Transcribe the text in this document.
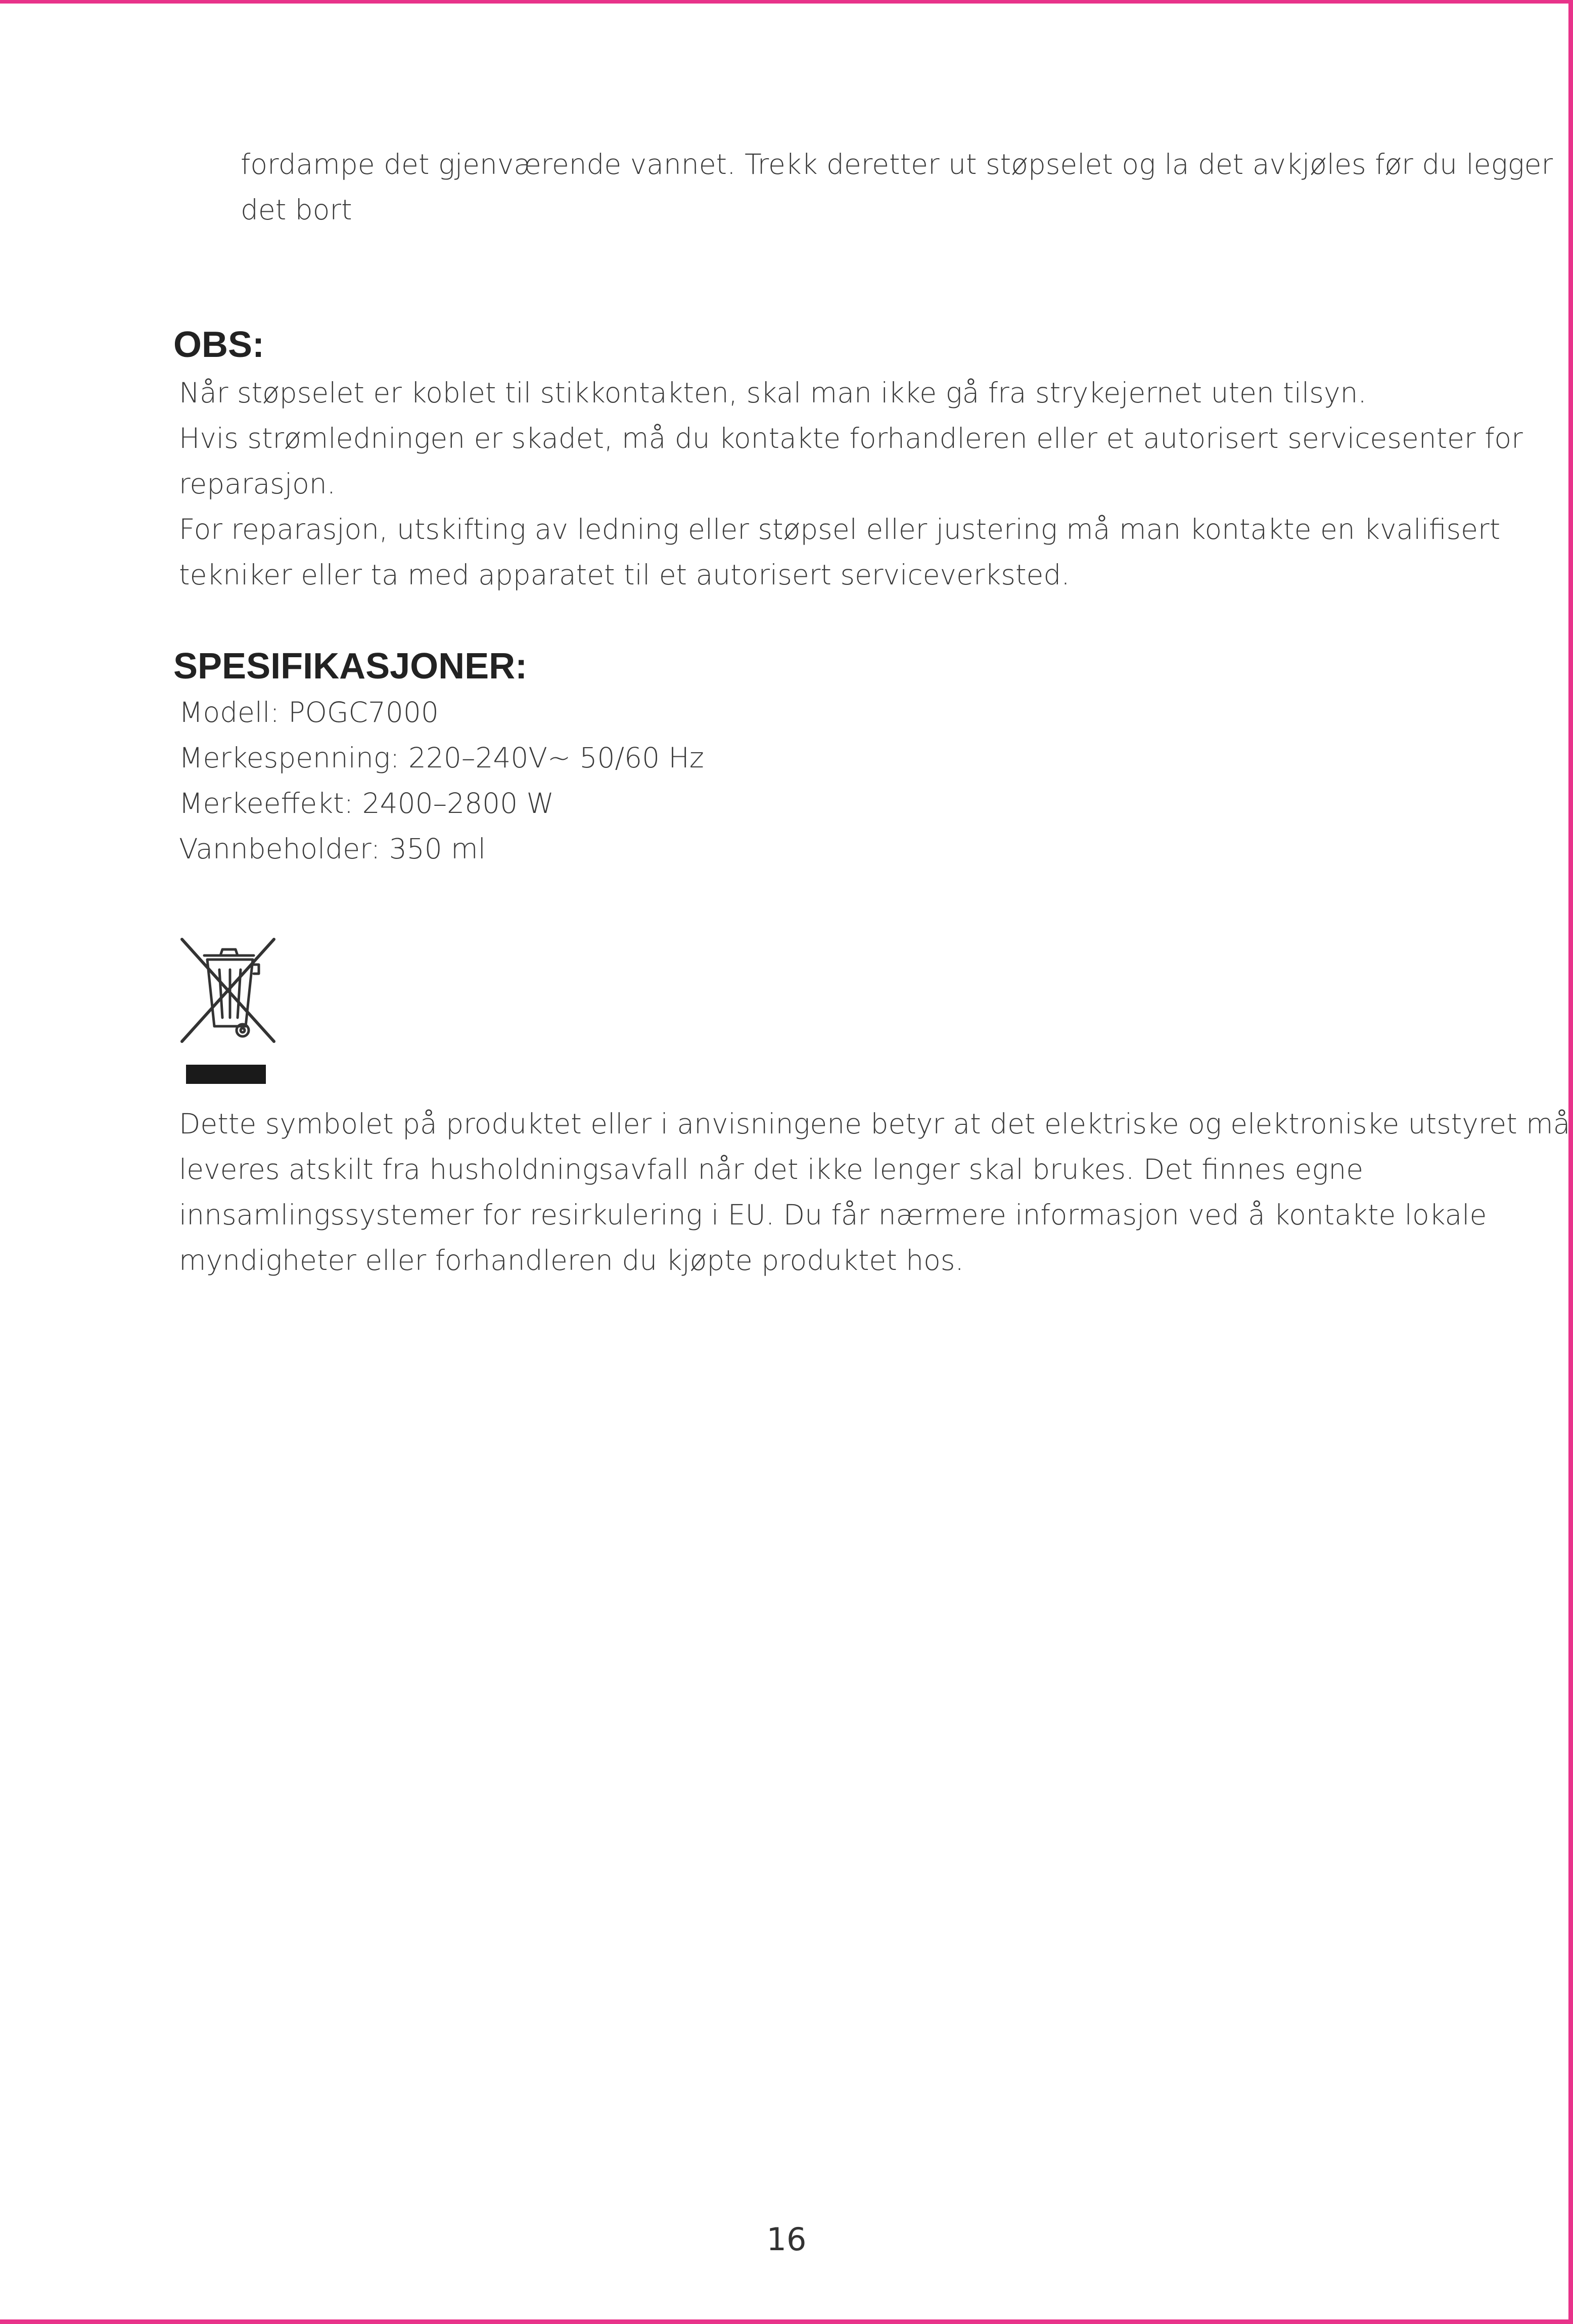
fordampe det gjenværende vannet. Trekk deretter ut støpselet og la det avkjøles før du legger
det bort
OBS:
Når støpselet er koblet til stikkontakten, skal man ikke gå fra strykejernet uten tilsyn.
Hvis strømledningen er skadet, må du kontakte forhandleren eller et autorisert servicesenter for
reparasjon.
For reparasjon, utskifting av ledning eller støpsel eller justering må man kontakte en kvalifisert
tekniker eller ta med apparatet til et autorisert serviceverksted.
SPESIFIKASJONER:
Modell: POGC7000
Merkespenning: 220–240V~ 50/60 Hz
Merkeeffekt: 2400–2800 W
Vannbeholder: 350 ml
Dette symbolet på produktet eller i anvisningene betyr at det elektriske og elektroniske utstyret må
leveres atskilt fra husholdningsavfall når det ikke lenger skal brukes. Det finnes egne
innsamlingssystemer for resirkulering i EU. Du får nærmere informasjon ved å kontakte lokale
myndigheter eller forhandleren du kjøpte produktet hos.
16
